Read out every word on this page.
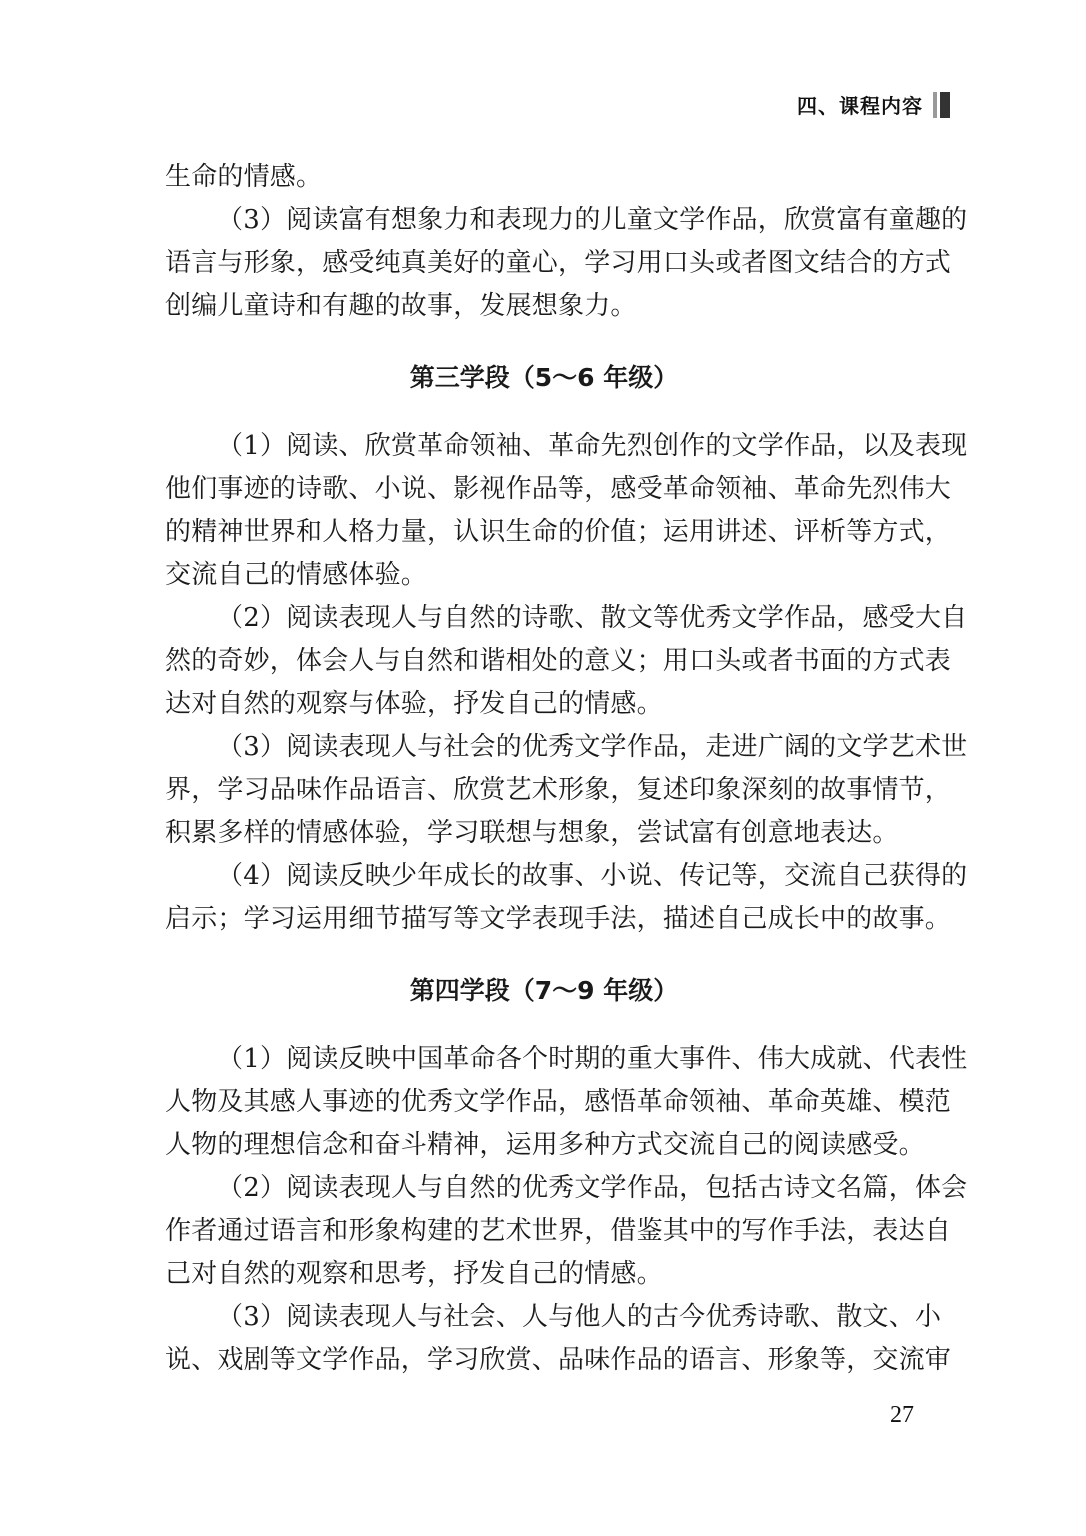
四、课程内容
生命的情感。
（3）阅读富有想象力和表现力的儿童文学作品，欣赏富有童趣的
语言与形象，感受纯真美好的童心，学习用口头或者图文结合的方式
创编儿童诗和有趣的故事，发展想象力。
第三学段（5～6 年级）
（1）阅读、欣赏革命领袖、革命先烈创作的文学作品，以及表现
他们事迹的诗歌、小说、影视作品等，感受革命领袖、革命先烈伟大
的精神世界和人格力量，认识生命的价值；运用讲述、评析等方式，
交流自己的情感体验。
（2）阅读表现人与自然的诗歌、散文等优秀文学作品，感受大自
然的奇妙，体会人与自然和谐相处的意义；用口头或者书面的方式表
达对自然的观察与体验，抒发自己的情感。
（3）阅读表现人与社会的优秀文学作品，走进广阔的文学艺术世
界，学习品味作品语言、欣赏艺术形象，复述印象深刻的故事情节，
积累多样的情感体验，学习联想与想象，尝试富有创意地表达。
（4）阅读反映少年成长的故事、小说、传记等，交流自己获得的
启示；学习运用细节描写等文学表现手法，描述自己成长中的故事。
第四学段（7～9 年级）
（1）阅读反映中国革命各个时期的重大事件、伟大成就、代表性
人物及其感人事迹的优秀文学作品，感悟革命领袖、革命英雄、模范
人物的理想信念和奋斗精神，运用多种方式交流自己的阅读感受。
（2）阅读表现人与自然的优秀文学作品，包括古诗文名篇，体会
作者通过语言和形象构建的艺术世界，借鉴其中的写作手法，表达自
己对自然的观察和思考，抒发自己的情感。
（3）阅读表现人与社会、人与他人的古今优秀诗歌、散文、小
说、戏剧等文学作品，学习欣赏、品味作品的语言、形象等，交流审
27
